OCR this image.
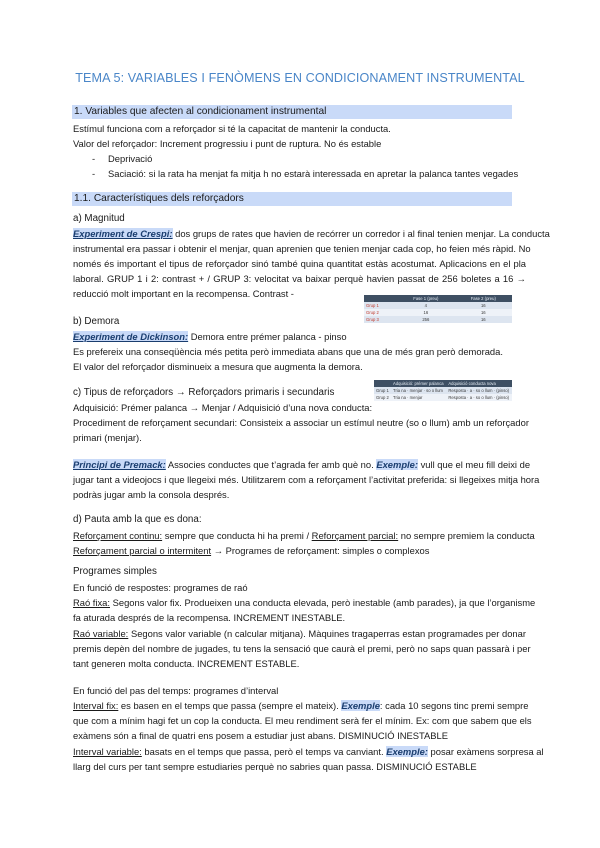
TEMA 5: VARIABLES I FENÒMENS EN CONDICIONAMENT INSTRUMENTAL
1. Variables que afecten al condicionament instrumental
Estímul funciona com a reforçador si té la capacitat de mantenir la conducta.
Valor del reforçador: Increment progressiu i punt de ruptura. No és estable
- Deprivació
- Saciació: si la rata ha menjat fa mitja h no estarà interessada en apretar la palanca tantes vegades
1.1. Característiques dels reforçadors
a) Magnitud
Experiment de Crespi: dos grups de rates que havien de recórrer un corredor i al final tenien menjar. La conducta
instrumental era passar i obtenir el menjar, quan aprenien que tenien menjar cada cop, ho feien més ràpid. No
només és important el tipus de reforçador sinó també quina quantitat estàs acostumat. Aplicacions en el pla
laboral. GRUP 1 i 2: contrast + / GRUP 3: velocitat va baixar perquè havien passat de 256 boletes a 16 →
reducció molt important en la recompensa. Contrast -
		Fase 1 (preu)	Fase 2 (preu)
Grup 1	4	16
Grup 2	16	16
Grup 3	256	16
b) Demora
Experiment de Dickinson: Demora entre prémer palanca - pinso
Es prefereix una conseqüència més petita però immediata abans que una de més gran però demorada.
El valor del reforçador disminueix a mesura que augmenta la demora.
	Adquisició: prémer palanca	Adquisició conducta nova
Grup 1	Tria na · menjar · so o llum	Resposta · a · so o llum · (pinso)
Grup 2	Tria na · menjar	Resposta · a · so o llum · (pinso)
c) Tipus de reforçadors → Reforçadors primaris i secundaris
Adquisició: Prémer palanca → Menjar / Adquisició d’una nova conducta:
Procediment de reforçament secundari: Consisteix a associar un estímul neutre (so o llum) amb un reforçador
primari (menjar).
Principi de Premack: Associes conductes que t’agrada fer amb què no. Exemple: vull que el meu fill deixi de
jugar tant a videojocs i que llegeixi més. Utilitzarem com a reforçament l’activitat preferida: si llegeixes mitja hora
podràs jugar amb la consola després.
d) Pauta amb la que es dona:
Reforçament continu: sempre que conducta hi ha premi / Reforçament parcial: no sempre premiem la conducta
Reforçament parcial o intermitent → Programes de reforçament: simples o complexos
Programes simples
En funció de respostes: programes de raó
Raó fixa: Segons valor fix. Produeixen una conducta elevada, però inestable (amb parades), ja que l’organisme
fa aturada després de la recompensa. INCREMENT INESTABLE.
Raó variable: Segons valor variable (n calcular mitjana). Màquines tragaperras estan programades per donar
premis depèn del nombre de jugades, tu tens la sensació que caurà el premi, però no saps quan passarà i per
tant generen molta conducta. INCREMENT ESTABLE.
En funció del pas del temps: programes d’interval
Interval fix: es basen en el temps que passa (sempre el mateix). Exemple: cada 10 segons tinc premi sempre
que com a mínim hagi fet un cop la conducta. El meu rendiment serà fer el mínim. Ex: com que sabem que els
exàmens són a final de quatri ens posem a estudiar just abans. DISMINUCIÓ INESTABLE
Interval variable: basats en el temps que passa, però el temps va canviant. Exemple: posar exàmens sorpresa al
llarg del curs per tant sempre estudiaries perquè no sabries quan passa. DISMINUCIÓ ESTABLE
